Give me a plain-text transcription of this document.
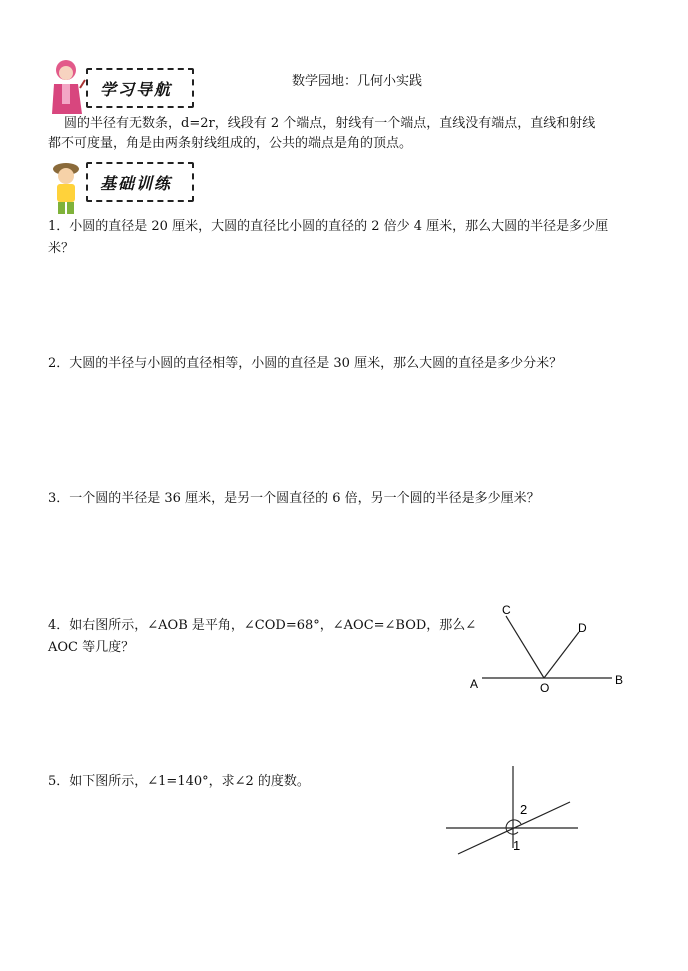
学习导航	数学园地：几何小实践
圆的半径有无数条，d=2r，线段有 2 个端点，射线有一个端点，直线没有端点，直线和射线
都不可度量，角是由两条射线组成的，公共的端点是角的顶点。
基础训练
1．小圆的直径是 20 厘米，大圆的直径比小圆的直径的 2 倍少 4 厘米，那么大圆的半径是多少厘
米？
2．大圆的半径与小圆的直径相等，小圆的直径是 30 厘米，那么大圆的直径是多少分米？
3．一个圆的半径是 36 厘米，是另一个圆直径的 6 倍，另一个圆的半径是多少厘米？
4．如右图所示，∠AOB 是平角，∠COD=68°，∠AOC=∠BOD，那么∠
AOC 等几度？
5．如下图所示，∠1=140°，求∠2 的度数。
A	O
B
C
D
2
1
